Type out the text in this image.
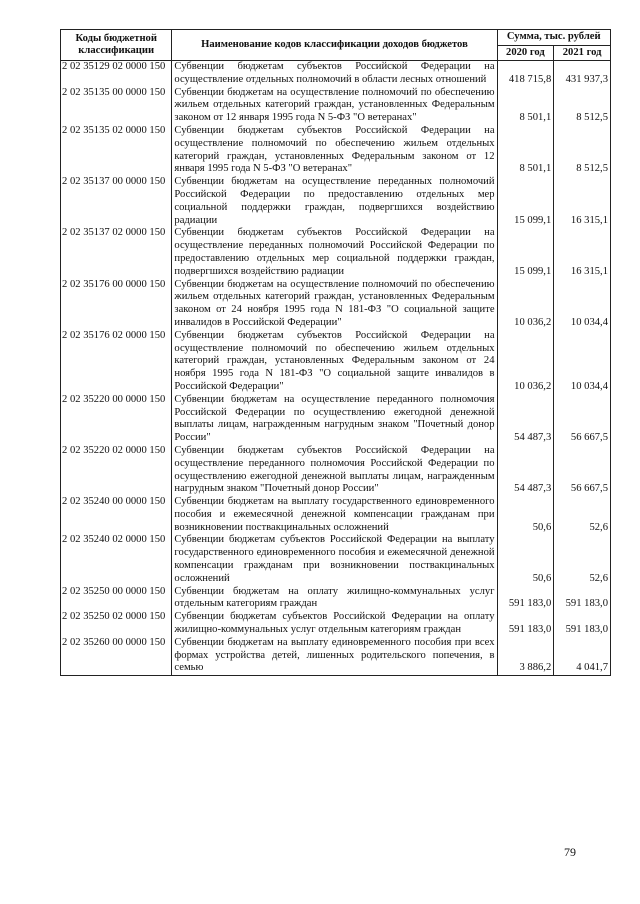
Коды бюджетной классификации	Наименование кодов классификации доходов бюджетов	Сумма, тыс. рублей	
		2020 год	2021 год
2 02 35129 02 0000 150	Субвенции бюджетам субъектов Российской Федерации на осуществление отдельных полномочий в области лесных отношений	418 715,8	431 937,3
2 02 35135 00 0000 150	Субвенции бюджетам на осуществление полномочий по обеспечению жильем отдельных категорий граждан, установленных Федеральным законом от 12 января 1995 года N 5-ФЗ "О ветеранах"	8 501,1	8 512,5
2 02 35135 02 0000 150	Субвенции бюджетам субъектов Российской Федерации на осуществление полномочий по обеспечению жильем отдельных категорий граждан, установленных Федеральным законом от 12 января 1995 года N 5-ФЗ "О ветеранах"	8 501,1	8 512,5
2 02 35137 00 0000 150	Субвенции бюджетам на осуществление переданных полномочий Российской Федерации по предоставлению отдельных мер социальной поддержки граждан, подвергшихся воздействию радиации	15 099,1	16 315,1
2 02 35137 02 0000 150	Субвенции бюджетам субъектов Российской Федерации на осуществление переданных полномочий Российской Федерации по предоставлению отдельных мер социальной поддержки граждан, подвергшихся воздействию радиации	15 099,1	16 315,1
2 02 35176 00 0000 150	Субвенции бюджетам на осуществление полномочий по обеспечению жильем отдельных категорий граждан, установленных Федеральным законом от 24 ноября 1995 года N 181-ФЗ "О социальной защите инвалидов в Российской Федерации"	10 036,2	10 034,4
2 02 35176 02 0000 150	Субвенции бюджетам субъектов Российской Федерации на осуществление полномочий по обеспечению жильем отдельных категорий граждан, установленных Федеральным законом от 24 ноября 1995 года N 181-ФЗ "О социальной защите инвалидов в Российской Федерации"	10 036,2	10 034,4
2 02 35220 00 0000 150	Субвенции бюджетам на осуществление переданного полномочия Российской Федерации по осуществлению ежегодной денежной выплаты лицам, награжденным нагрудным знаком "Почетный донор России"	54 487,3	56 667,5
2 02 35220 02 0000 150	Субвенции бюджетам субъектов Российской Федерации на осуществление переданного полномочия Российской Федерации по осуществлению ежегодной денежной выплаты лицам, награжденным нагрудным знаком "Почетный донор России"	54 487,3	56 667,5
2 02 35240 00 0000 150	Субвенции бюджетам на выплату государственного единовременного пособия и ежемесячной денежной компенсации гражданам при возникновении поствакцинальных осложнений	50,6	52,6
2 02 35240 02 0000 150	Субвенции бюджетам субъектов Российской Федерации на выплату государственного единовременного пособия и ежемесячной денежной компенсации гражданам при возникновении поствакцинальных осложнений	50,6	52,6
2 02 35250 00 0000 150	Субвенции бюджетам на оплату жилищно-коммунальных услуг отдельным категориям граждан	591 183,0	591 183,0
2 02 35250 02 0000 150	Субвенции бюджетам субъектов Российской Федерации на оплату жилищно-коммунальных услуг отдельным категориям граждан	591 183,0	591 183,0
2 02 35260 00 0000 150	Субвенции бюджетам на выплату единовременного пособия при всех формах устройства детей, лишенных родительского попечения, в семью	3 886,2	4 041,7
79
